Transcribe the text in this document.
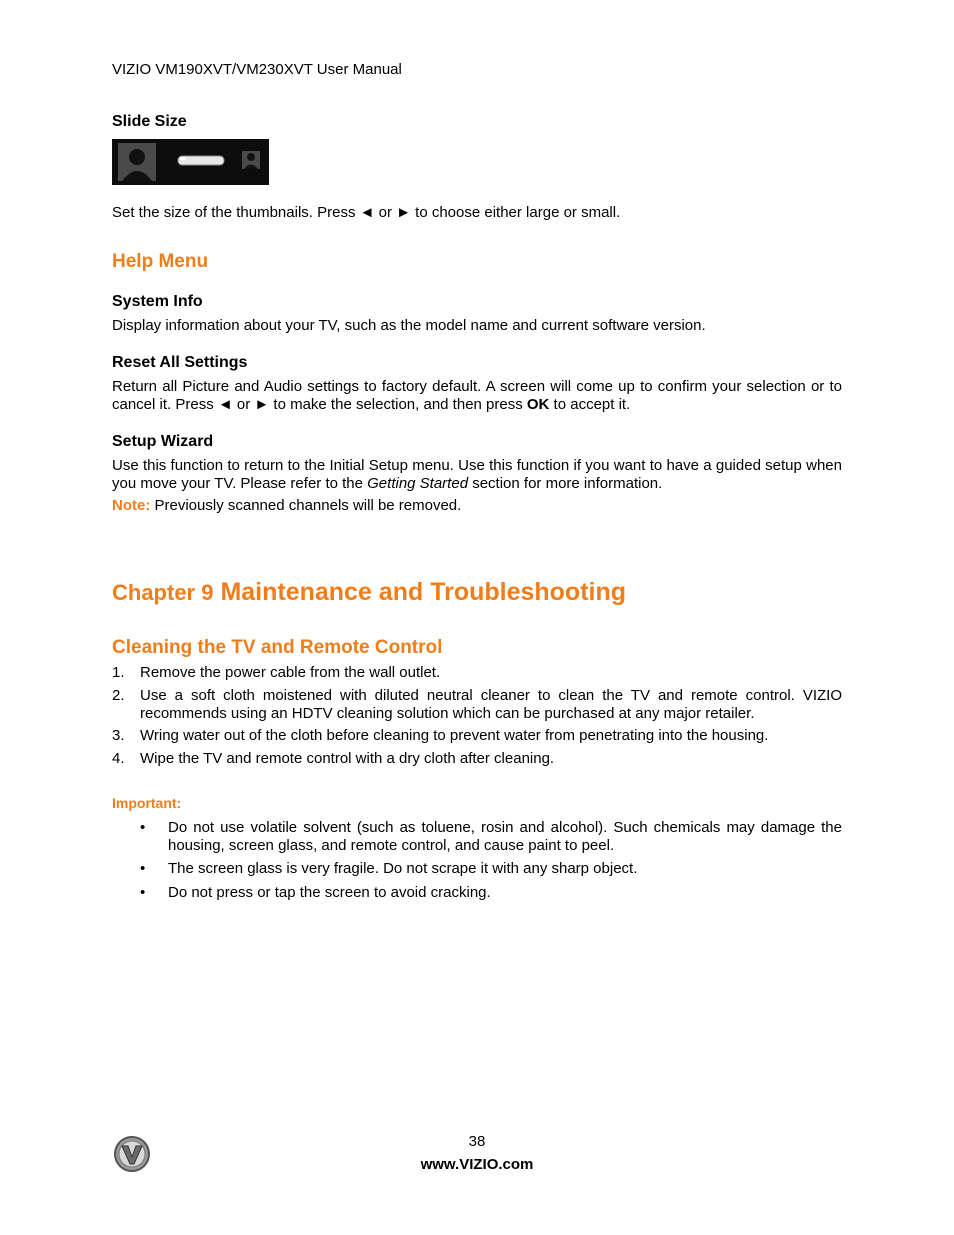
VIZIO VM190XVT/VM230XVT User Manual
Slide Size
Set the size of the thumbnails. Press ◄ or ► to choose either large or small.
Help Menu
System Info
Display information about your TV, such as the model name and current software version.
Reset All Settings
Return all Picture and Audio settings to factory default. A screen will come up to confirm your selection or to cancel it. Press ◄ or ► to make the selection, and then press OK to accept it.
Setup Wizard
Use this function to return to the Initial Setup menu. Use this function if you want to have a guided setup when you move your TV. Please refer to the Getting Started section for more information.
Note: Previously scanned channels will be removed.
Chapter 9 Maintenance and Troubleshooting
Cleaning the TV and Remote Control
1.	Remove the power cable from the wall outlet.
2.	Use a soft cloth moistened with diluted neutral cleaner to clean the TV and remote control. VIZIO recommends using an HDTV cleaning solution which can be purchased at any major retailer.
3.	Wring water out of the cloth before cleaning to prevent water from penetrating into the housing.
4.	Wipe the TV and remote control with a dry cloth after cleaning.
Important:
•	Do not use volatile solvent (such as toluene, rosin and alcohol). Such chemicals may damage the housing, screen glass, and remote control, and cause paint to peel.
•	The screen glass is very fragile. Do not scrape it with any sharp object.
•	Do not press or tap the screen to avoid cracking.
38
www.VIZIO.com
